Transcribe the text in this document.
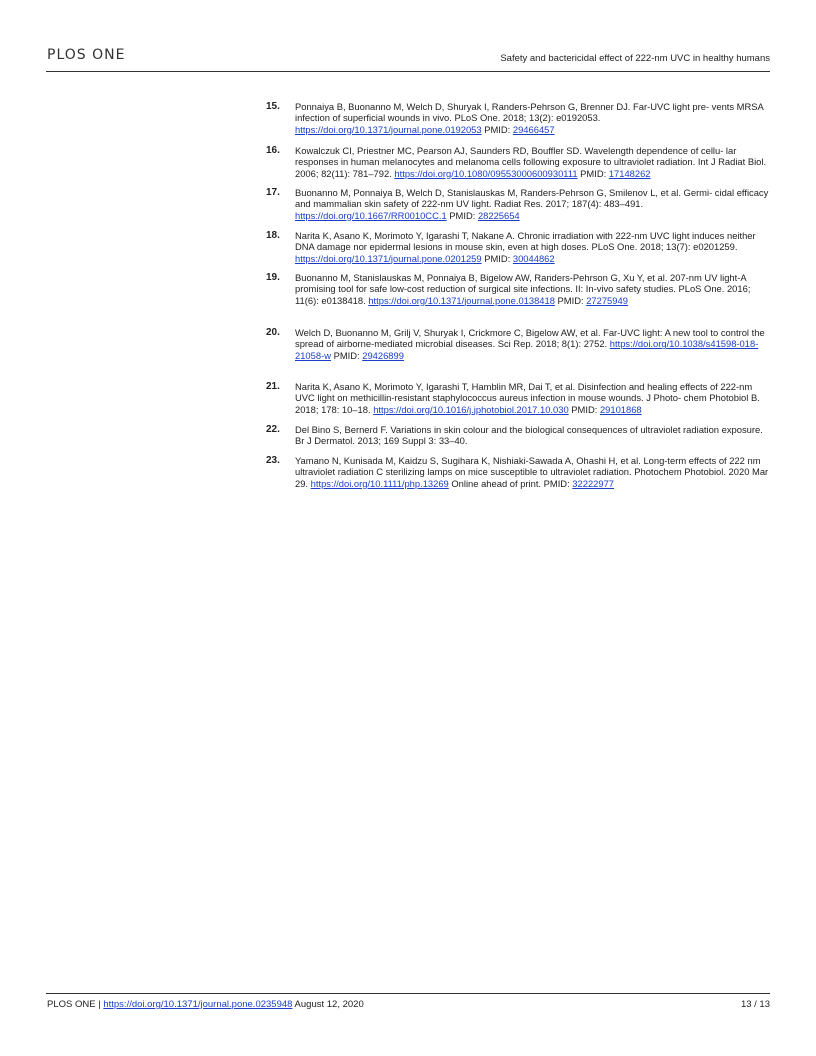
PLOS ONE	Safety and bactericidal effect of 222-nm UVC in healthy humans
15.	Ponnaiya B, Buonanno M, Welch D, Shuryak I, Randers-Pehrson G, Brenner DJ. Far-UVC light pre- vents MRSA infection of superficial wounds in vivo. PLoS One. 2018; 13(2): e0192053. https://doi.org/10.1371/journal.pone.0192053 PMID: 29466457
16.	Kowalczuk CI, Priestner MC, Pearson AJ, Saunders RD, Bouffler SD. Wavelength dependence of cellu- lar responses in human melanocytes and melanoma cells following exposure to ultraviolet radiation. Int J Radiat Biol. 2006; 82(11): 781–792. https://doi.org/10.1080/09553000600930111 PMID: 17148262
17.	Buonanno M, Ponnaiya B, Welch D, Stanislauskas M, Randers-Pehrson G, Smilenov L, et al. Germi- cidal efficacy and mammalian skin safety of 222-nm UV light. Radiat Res. 2017; 187(4): 483–491. https://doi.org/10.1667/RR0010CC.1 PMID: 28225654
18.	Narita K, Asano K, Morimoto Y, Igarashi T, Nakane A. Chronic irradiation with 222-nm UVC light induces neither DNA damage nor epidermal lesions in mouse skin, even at high doses. PLoS One. 2018; 13(7): e0201259. https://doi.org/10.1371/journal.pone.0201259 PMID: 30044862
19.	Buonanno M, Stanislauskas M, Ponnaiya B, Bigelow AW, Randers-Pehrson G, Xu Y, et al. 207-nm UV light-A promising tool for safe low-cost reduction of surgical site infections. II: In-vivo safety studies. PLoS One. 2016; 11(6): e0138418. https://doi.org/10.1371/journal.pone.0138418 PMID: 27275949
20.	Welch D, Buonanno M, Grilj V, Shuryak I, Crickmore C, Bigelow AW, et al. Far-UVC light: A new tool to control the spread of airborne-mediated microbial diseases. Sci Rep. 2018; 8(1): 2752. https://doi.org/10.1038/s41598-018-21058-w PMID: 29426899
21.	Narita K, Asano K, Morimoto Y, Igarashi T, Hamblin MR, Dai T, et al. Disinfection and healing effects of 222-nm UVC light on methicillin-resistant staphylococcus aureus infection in mouse wounds. J Photo- chem Photobiol B. 2018; 178: 10–18. https://doi.org/10.1016/j.jphotobiol.2017.10.030 PMID: 29101868
22.	Del Bino S, Bernerd F. Variations in skin colour and the biological consequences of ultraviolet radiation exposure. Br J Dermatol. 2013; 169 Suppl 3: 33–40.
23.	Yamano N, Kunisada M, Kaidzu S, Sugihara K, Nishiaki-Sawada A, Ohashi H, et al. Long-term effects of 222 nm ultraviolet radiation C sterilizing lamps on mice susceptible to ultraviolet radiation. Photochem Photobiol. 2020 Mar 29. https://doi.org/10.1111/php.13269 Online ahead of print. PMID: 32222977
PLOS ONE | https://doi.org/10.1371/journal.pone.0235948 August 12, 2020	13 / 13
